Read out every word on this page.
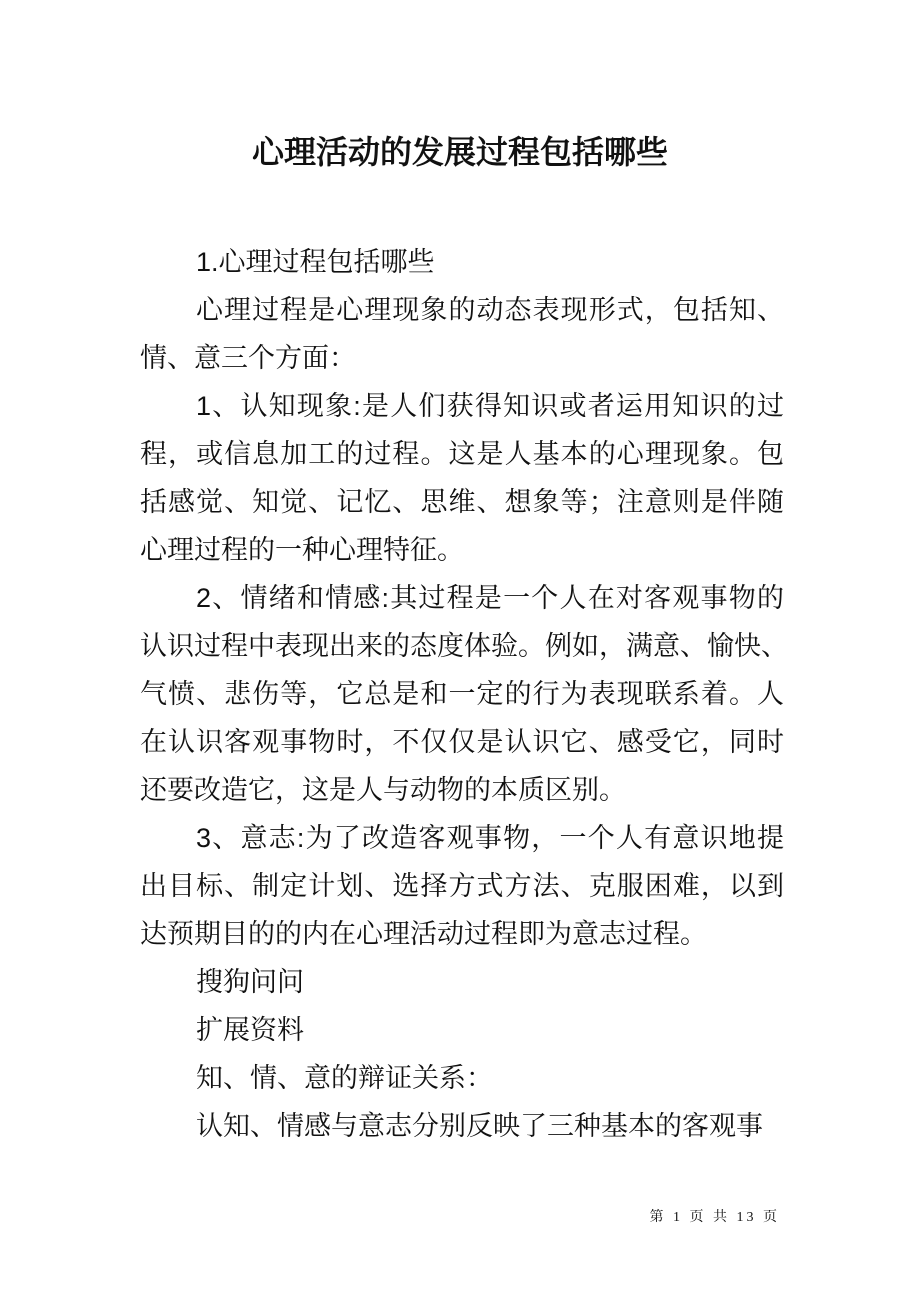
心理活动的发展过程包括哪些
1.心理过程包括哪些
心理过程是心理现象的动态表现形式，包括知、
情、意三个方面：
1、认知现象:是人们获得知识或者运用知识的过
程，或信息加工的过程。这是人基本的心理现象。包
括感觉、知觉、记忆、思维、想象等；注意则是伴随
心理过程的一种心理特征。
2、情绪和情感:其过程是一个人在对客观事物的
认识过程中表现出来的态度体验。例如，满意、愉快、
气愤、悲伤等，它总是和一定的行为表现联系着。人
在认识客观事物时，不仅仅是认识它、感受它，同时
还要改造它，这是人与动物的本质区别。
3、意志:为了改造客观事物，一个人有意识地提
出目标、制定计划、选择方式方法、克服困难，以到
达预期目的的内在心理活动过程即为意志过程。
搜狗问问
扩展资料
知、情、意的辩证关系：
认知、情感与意志分别反映了三种基本的客观事
第 1 页 共 13 页
